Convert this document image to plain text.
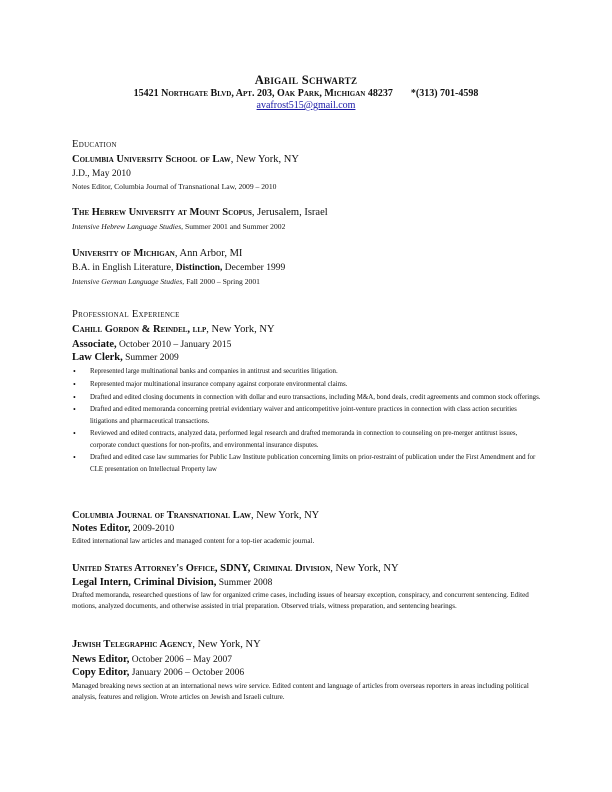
Abigail Schwartz
15421 Northgate Blvd, Apt. 203, Oak Park, Michigan 48237 *(313) 701-4598
avafrost515@gmail.com
Education
Columbia University School of Law, New York, NY
J.D., May 2010
Notes Editor, Columbia Journal of Transnational Law, 2009 – 2010
The Hebrew University at Mount Scopus, Jerusalem, Israel
Intensive Hebrew Language Studies, Summer 2001 and Summer 2002
University of Michigan, Ann Arbor, MI
B.A. in English Literature, Distinction, December 1999
Intensive German Language Studies, Fall 2000 – Spring 2001
Professional Experience
Cahill Gordon & Reindel, llp, New York, NY
Associate, October 2010 – January 2015
Law Clerk, Summer 2009
• Represented large multinational banks and companies in antitrust and securities litigation.
• Represented major multinational insurance company against corporate environmental claims.
• Drafted and edited closing documents in connection with dollar and euro transactions, including M&A, bond deals, credit agreements and common stock offerings.
• Drafted and edited memoranda concerning pretrial evidentiary waiver and anticompetitive joint-venture practices in connection with class action securities litigations and pharmaceutical transactions.
• Reviewed and edited contracts, analyzed data, performed legal research and drafted memoranda in connection to counseling on pre-merger antitrust issues, corporate conduct questions for non-profits, and environmental insurance disputes.
• Drafted and edited case law summaries for Public Law Institute publication concerning limits on prior-restraint of publication under the First Amendment and for CLE presentation on Intellectual Property law
Columbia Journal of Transnational Law, New York, NY
Notes Editor, 2009-2010
Edited international law articles and managed content for a top-tier academic journal.
United States Attorney's Office, SDNY, Criminal Division, New York, NY
Legal Intern, Criminal Division, Summer 2008
Drafted memoranda, researched questions of law for organized crime cases, including issues of hearsay exception, conspiracy, and concurrent sentencing. Edited motions, analyzed documents, and otherwise assisted in trial preparation. Observed trials, witness preparation, and sentencing hearings.
Jewish Telegraphic Agency, New York, NY
News Editor, October 2006 – May 2007
Copy Editor, January 2006 – October 2006
Managed breaking news section at an international news wire service. Edited content and language of articles from overseas reporters in areas including political analysis, features and religion. Wrote articles on Jewish and Israeli culture.
